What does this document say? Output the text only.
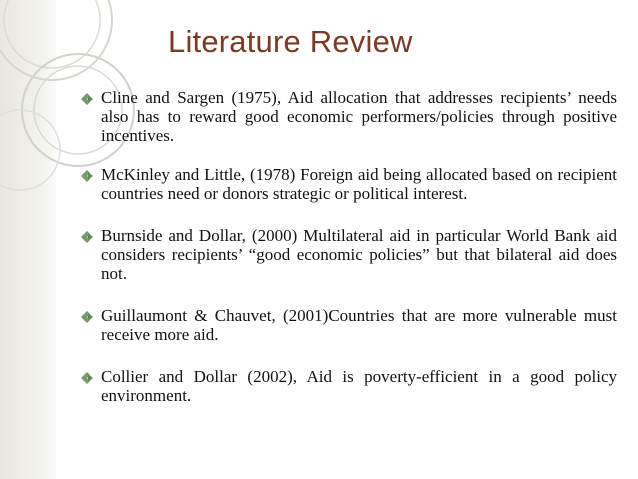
Literature Review
Cline and Sargen (1975), Aid allocation that addresses recipients’ needs also has to reward good economic performers/policies through positive incentives.
McKinley and Little, (1978) Foreign aid being allocated based on recipient countries need or donors strategic or political interest.
Burnside and Dollar, (2000) Multilateral aid in particular World Bank aid considers recipients’ “good economic policies” but that bilateral aid does not.
Guillaumont & Chauvet, (2001)Countries that are more vulnerable must receive more aid.
Collier and Dollar (2002), Aid is poverty-efficient in a good policy environment.
